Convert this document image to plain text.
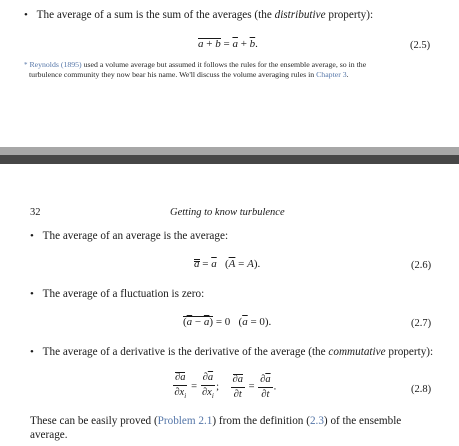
• The average of a sum is the sum of the averages (the distributive property):
$a + b = \overline{a} + \overline{b}$.	(2.5)
* Reynolds (1895) used a volume average but assumed it follows the rules for the ensemble average, so in the
turbulence community they now bear his name. We'll discuss the volume averaging rules in Chapter 3.
32	Getting to know turbulence
• The average of an average is the average:
$a = \overline{a}$   $(\overline{A} = A)$.	(2.6)
• The average of a fluctuation is zero:
$(\overline{a} - \overline{a}) = 0$   $(\overline{a} = 0)$.	(2.7)
• The average of a derivative is the derivative of the average (the commutative property):
$\frac{\partial a}{\partial x_i} = \frac{\partial\overline{a}}{\partial x_i}$ ; $\frac{\partial a}{\partial t} = \frac{\partial\overline{a}}{\partial t}$ .	(2.8)
These can be easily proved (Problem 2.1) from the definition (2.3) of the ensemble
average.
